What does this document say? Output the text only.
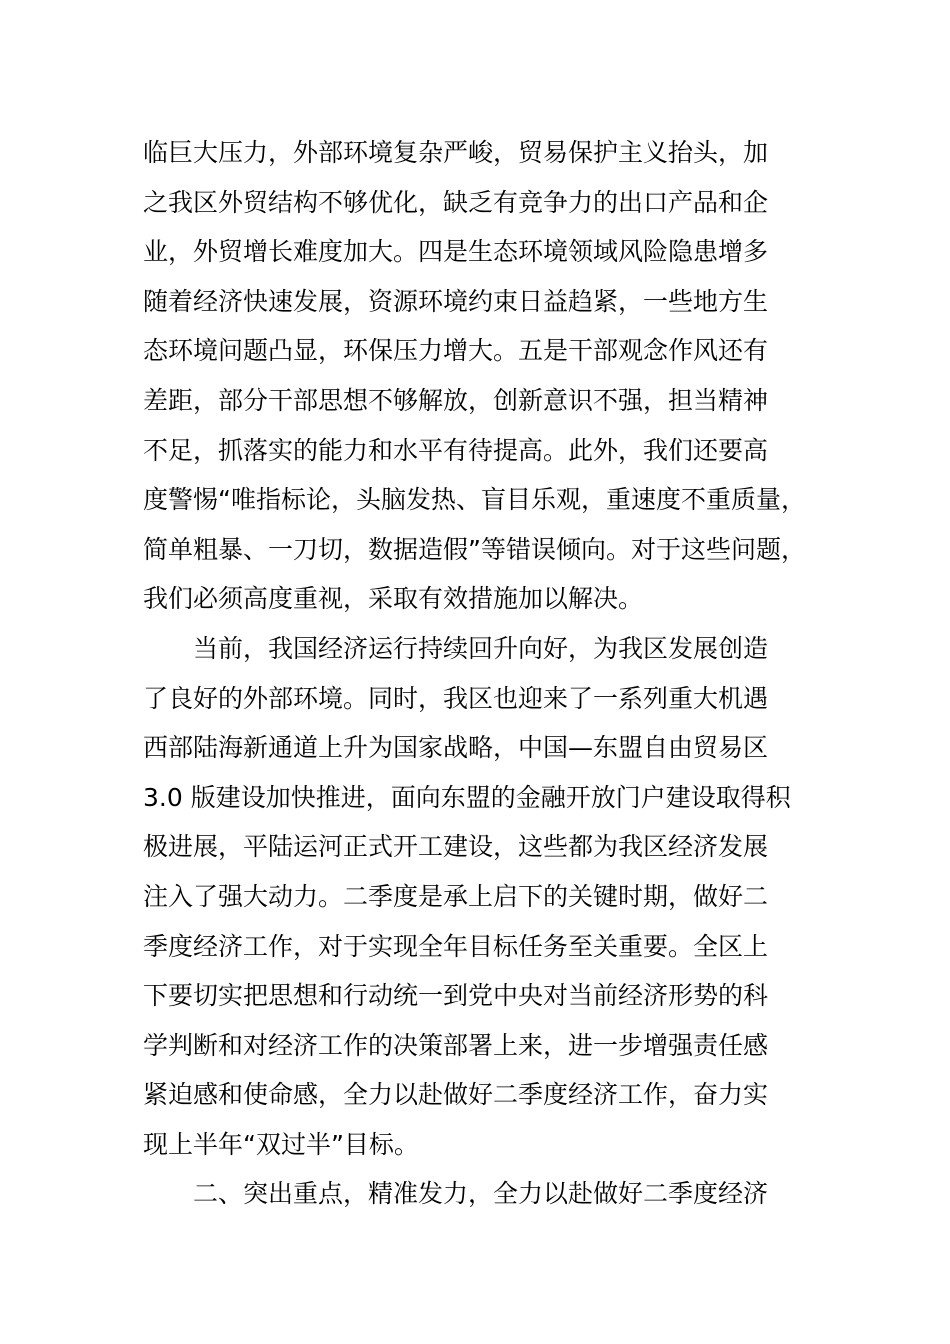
临巨大压力，外部环境复杂严峻，贸易保护主义抬头，加
之我区外贸结构不够优化，缺乏有竞争力的出口产品和企
业，外贸增长难度加大。四是生态环境领域风险隐患增多
随着经济快速发展，资源环境约束日益趋紧，一些地方生
态环境问题凸显，环保压力增大。五是干部观念作风还有
差距，部分干部思想不够解放，创新意识不强，担当精神
不足，抓落实的能力和水平有待提高。此外，我们还要高
度警惕“唯指标论，头脑发热、盲目乐观，重速度不重质量，
简单粗暴、一刀切，数据造假”等错误倾向。对于这些问题，
我们必须高度重视，采取有效措施加以解决。
当前，我国经济运行持续回升向好，为我区发展创造
了良好的外部环境。同时，我区也迎来了一系列重大机遇
西部陆海新通道上升为国家战略，中国—东盟自由贸易区
3.0 版建设加快推进，面向东盟的金融开放门户建设取得积
极进展，平陆运河正式开工建设，这些都为我区经济发展
注入了强大动力。二季度是承上启下的关键时期，做好二
季度经济工作，对于实现全年目标任务至关重要。全区上
下要切实把思想和行动统一到党中央对当前经济形势的科
学判断和对经济工作的决策部署上来，进一步增强责任感
紧迫感和使命感，全力以赴做好二季度经济工作，奋力实
现上半年“双过半”目标。
二、突出重点，精准发力，全力以赴做好二季度经济
